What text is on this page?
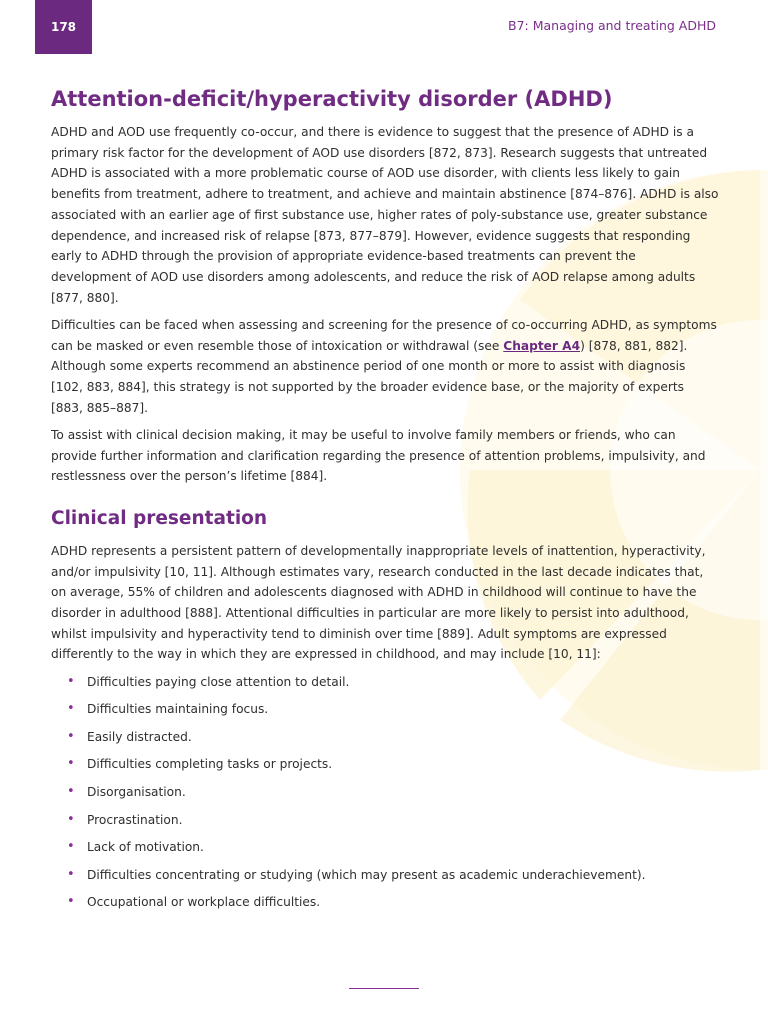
178	B7: Managing and treating ADHD
Attention-deficit/hyperactivity disorder (ADHD)

ADHD and AOD use frequently co-occur, and there is evidence to suggest that the presence of ADHD is a primary risk factor for the development of AOD use disorders [872, 873]. Research suggests that untreated ADHD is associated with a more problematic course of AOD use disorder, with clients less likely to gain benefits from treatment, adhere to treatment, and achieve and maintain abstinence [874–876]. ADHD is also associated with an earlier age of first substance use, higher rates of poly-substance use, greater substance dependence, and increased risk of relapse [873, 877–879]. However, evidence suggests that responding early to ADHD through the provision of appropriate evidence-based treatments can prevent the development of AOD use disorders among adolescents, and reduce the risk of AOD relapse among adults [877, 880].

Difficulties can be faced when assessing and screening for the presence of co-occurring ADHD, as symptoms can be masked or even resemble those of intoxication or withdrawal (see Chapter A4) [878, 881, 882]. Although some experts recommend an abstinence period of one month or more to assist with diagnosis [102, 883, 884], this strategy is not supported by the broader evidence base, or the majority of experts [883, 885–887].

To assist with clinical decision making, it may be useful to involve family members or friends, who can provide further information and clarification regarding the presence of attention problems, impulsivity, and restlessness over the person’s lifetime [884].

Clinical presentation

ADHD represents a persistent pattern of developmentally inappropriate levels of inattention, hyperactivity, and/or impulsivity [10, 11]. Although estimates vary, research conducted in the last decade indicates that, on average, 55% of children and adolescents diagnosed with ADHD in childhood will continue to have the disorder in adulthood [888]. Attentional difficulties in particular are more likely to persist into adulthood, whilst impulsivity and hyperactivity tend to diminish over time [889]. Adult symptoms are expressed differently to the way in which they are expressed in childhood, and may include [10, 11]:

• Difficulties paying close attention to detail.
• Difficulties maintaining focus.
• Easily distracted.
• Difficulties completing tasks or projects.
• Disorganisation.
• Procrastination.
• Lack of motivation.
• Difficulties concentrating or studying (which may present as academic underachievement).
• Occupational or workplace difficulties.
